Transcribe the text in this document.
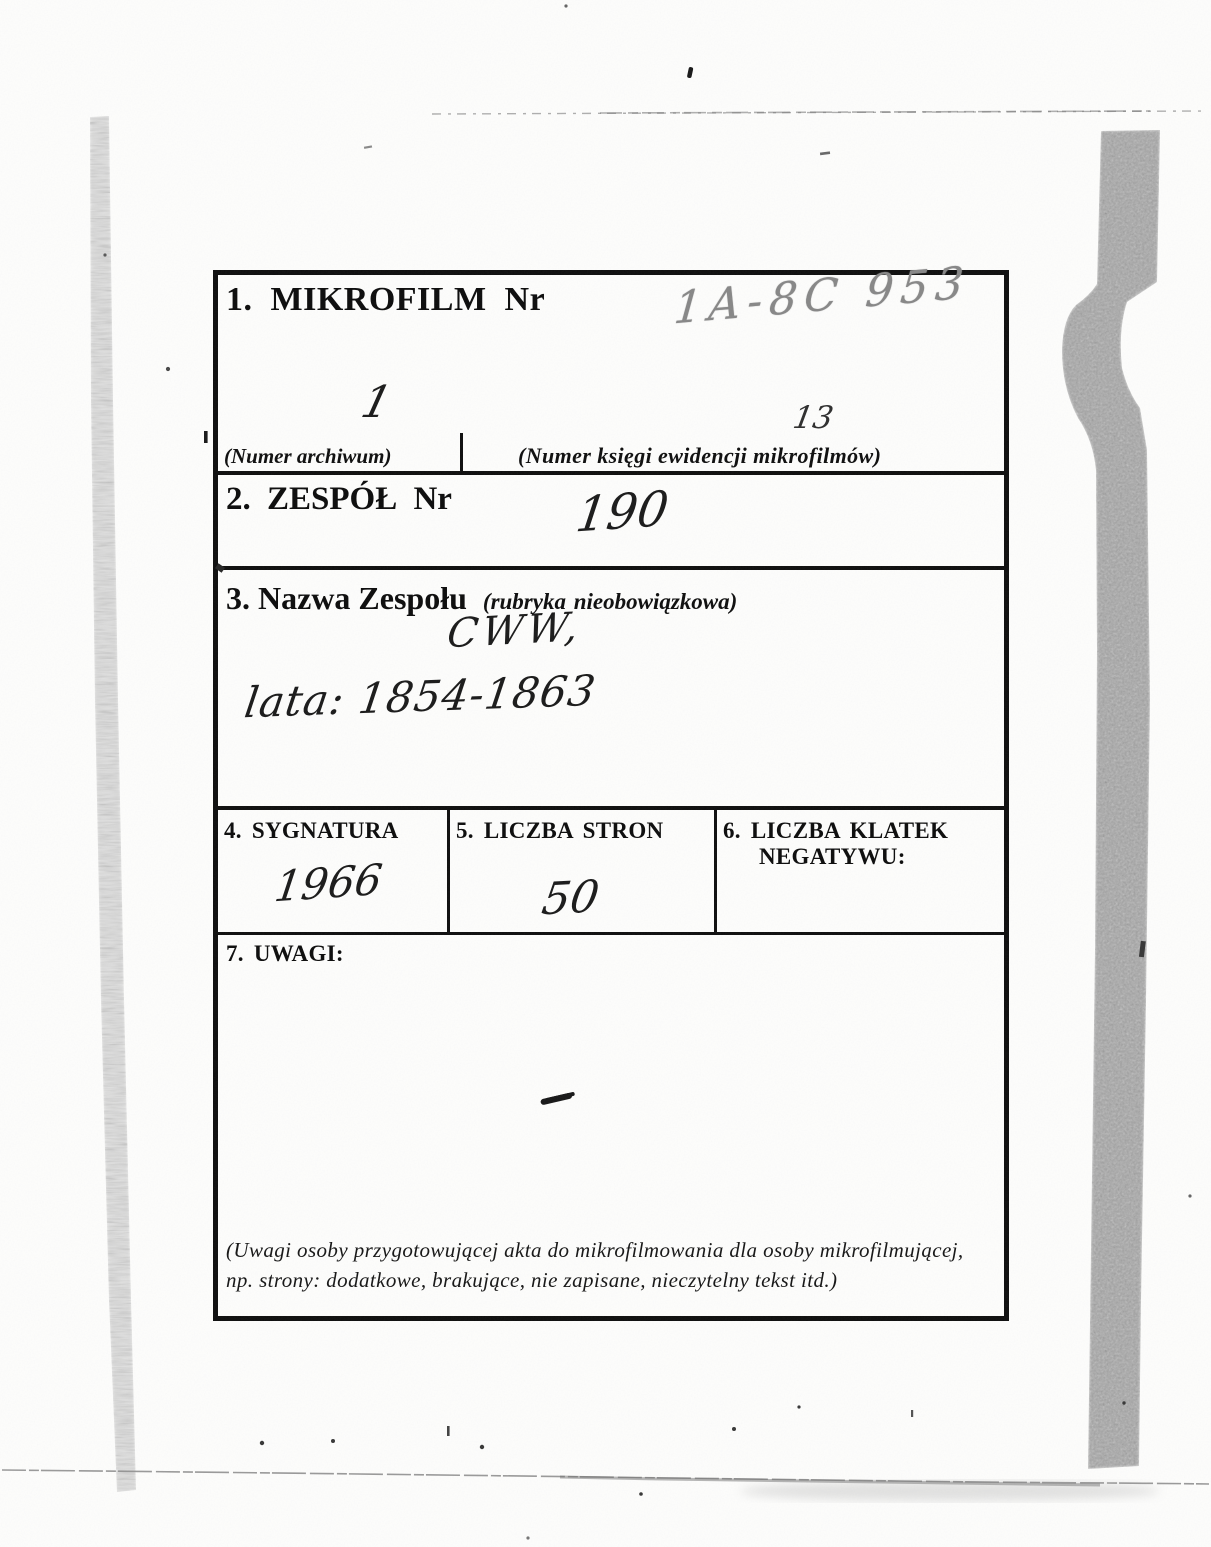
1. MIKROFILM Nr	1A-8C 953
1	13
(Numer archiwum)	(Numer księgi ewidencji mikrofilmów)
2. ZESPÓŁ Nr	190
3. Nazwa Zespołu (rubryka nieobowiązkowa)
CWW,
lata: 1854-1863
4. SYGNATURA
1966
5. LICZBA STRON
50
6. LICZBA KLATEK
NEGATYWU:
7. UWAGI:
(Uwagi osoby przygotowującej akta do mikrofilmowania dla osoby mikrofilmującej,
np. strony: dodatkowe, brakujące, nie zapisane, nieczytelny tekst itd.)
